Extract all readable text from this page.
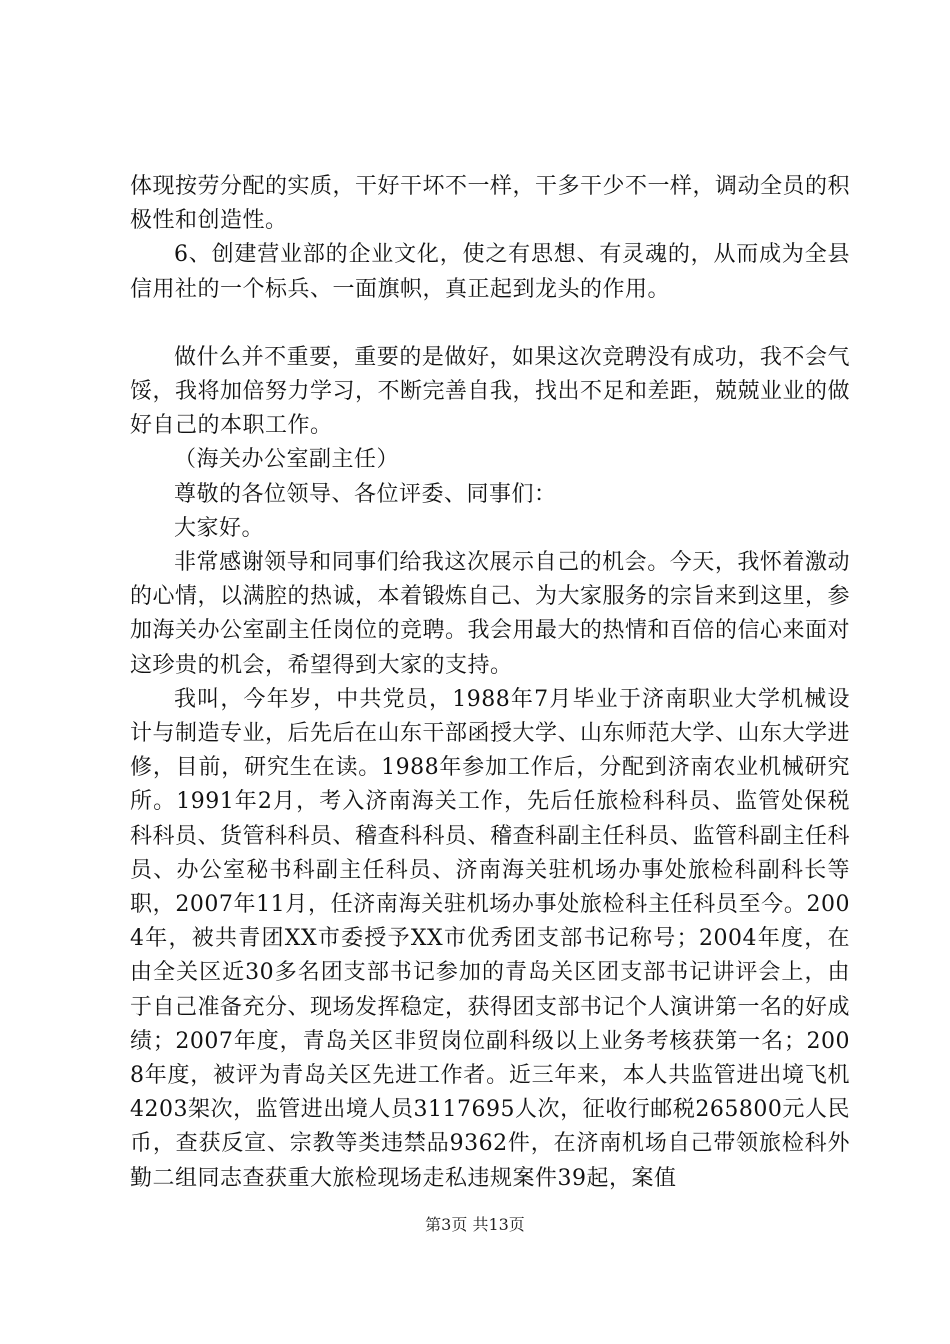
体现按劳分配的实质，干好干坏不一样，干多干少不一样，调动全员的积极性和创造性。

6、创建营业部的企业文化，使之有思想、有灵魂的，从而成为全县信用社的一个标兵、一面旗帜，真正起到龙头的作用。

做什么并不重要，重要的是做好，如果这次竞聘没有成功，我不会气馁，我将加倍努力学习，不断完善自我，找出不足和差距，兢兢业业的做好自己的本职工作。

（海关办公室副主任）

尊敬的各位领导、各位评委、同事们：

大家好。

非常感谢领导和同事们给我这次展示自己的机会。今天，我怀着激动的心情，以满腔的热诚，本着锻炼自己、为大家服务的宗旨来到这里，参加海关办公室副主任岗位的竞聘。我会用最大的热情和百倍的信心来面对这珍贵的机会，希望得到大家的支持。

我叫，今年岁，中共党员，1988年7月毕业于济南职业大学机械设计与制造专业，后先后在山东干部函授大学、山东师范大学、山东大学进修，目前，研究生在读。1988年参加工作后，分配到济南农业机械研究所。1991年2月，考入济南海关工作，先后任旅检科科员、监管处保税科科员、货管科科员、稽查科科员、稽查科副主任科员、监管科副主任科员、办公室秘书科副主任科员、济南海关驻机场办事处旅检科副科长等职，2007年11月，任济南海关驻机场办事处旅检科主任科员至今。2004年，被共青团XX市委授予XX市优秀团支部书记称号；2004年度，在由全关区近30多名团支部书记参加的青岛关区团支部书记讲评会上，由于自己准备充分、现场发挥稳定，获得团支部书记个人演讲第一名的好成绩；2007年度，青岛关区非贸岗位副科级以上业务考核获第一名；2008年度，被评为青岛关区先进工作者。近三年来，本人共监管进出境飞机4203架次，监管进出境人员3117695人次，征收行邮税265800元人民币，查获反宣、宗教等类违禁品9362件，在济南机场自己带领旅检科外勤二组同志查获重大旅检现场走私违规案件39起，案值

第3页 共13页
